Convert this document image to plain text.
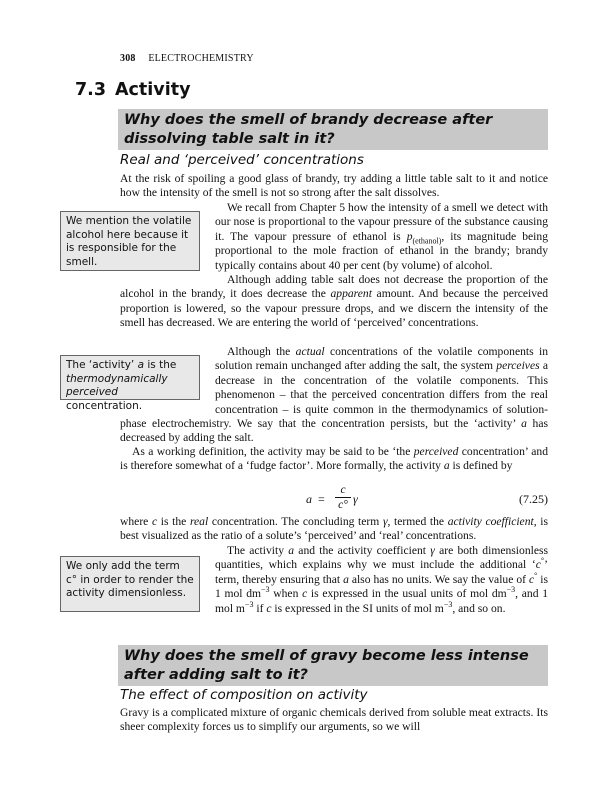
308 ELECTROCHEMISTRY
7.3 Activity
Why does the smell of brandy decrease after dissolving table salt in it?
Real and ‘perceived’ concentrations
At the risk of spoiling a good glass of brandy, try adding a little table salt to it and notice how the intensity of the smell is not so strong after the salt dissolves.
We mention the volatile alcohol here because it is responsible for the smell.
We recall from Chapter 5 how the intensity of a smell we detect with our nose is proportional to the vapour pressure of the substance causing it. The vapour pressure of ethanol is $p_{(ethanol)}$, its magnitude being proportional to the mole fraction of ethanol in the brandy; brandy typically contains about 40 per cent (by volume) of alcohol.
Although adding table salt does not decrease the proportion of the alcohol in the brandy, it does decrease the apparent amount. And because the perceived proportion is lowered, so the vapour pressure drops, and we discern the intensity of the smell has decreased. We are entering the world of ‘perceived’ concentrations.
The ‘activity’ a is the thermodynamically perceived concentration.
Although the actual concentrations of the volatile components in solution remain unchanged after adding the salt, the system perceives a decrease in the concentration of the volatile components. This phenomenon – that the perceived concentration differs from the real concentration – is quite common in the thermodynamics of solution-phase electrochemistry. We say that the concentration persists, but the ‘activity’ a has decreased by adding the salt.
As a working definition, the activity may be said to be ‘the perceived concentration’ and is therefore somewhat of a ‘fudge factor’. More formally, the activity a is defined by
a =
c
c° γ	(7.25)
where c is the real concentration. The concluding term γ, termed the activity coefficient, is best visualized as the ratio of a solute’s ‘perceived’ and ‘real’ concentrations.
We only add the term c° in order to render the activity dimensionless.
The activity a and the activity coefficient γ are both dimensionless quantities, which explains why we must include the additional ‘c°’ term, thereby ensuring that a also has no units. We say the value of c° is 1 mol $dm^{-3}$ when c is expressed in the usual units of mol $dm^{-3}$, and 1 mol $m^{-3}$ if c is expressed in the SI units of mol $m^{-3}$, and so on.
Why does the smell of gravy become less intense after adding salt to it?
The effect of composition on activity
Gravy is a complicated mixture of organic chemicals derived from soluble meat extracts. Its sheer complexity forces us to simplify our arguments, so we will
